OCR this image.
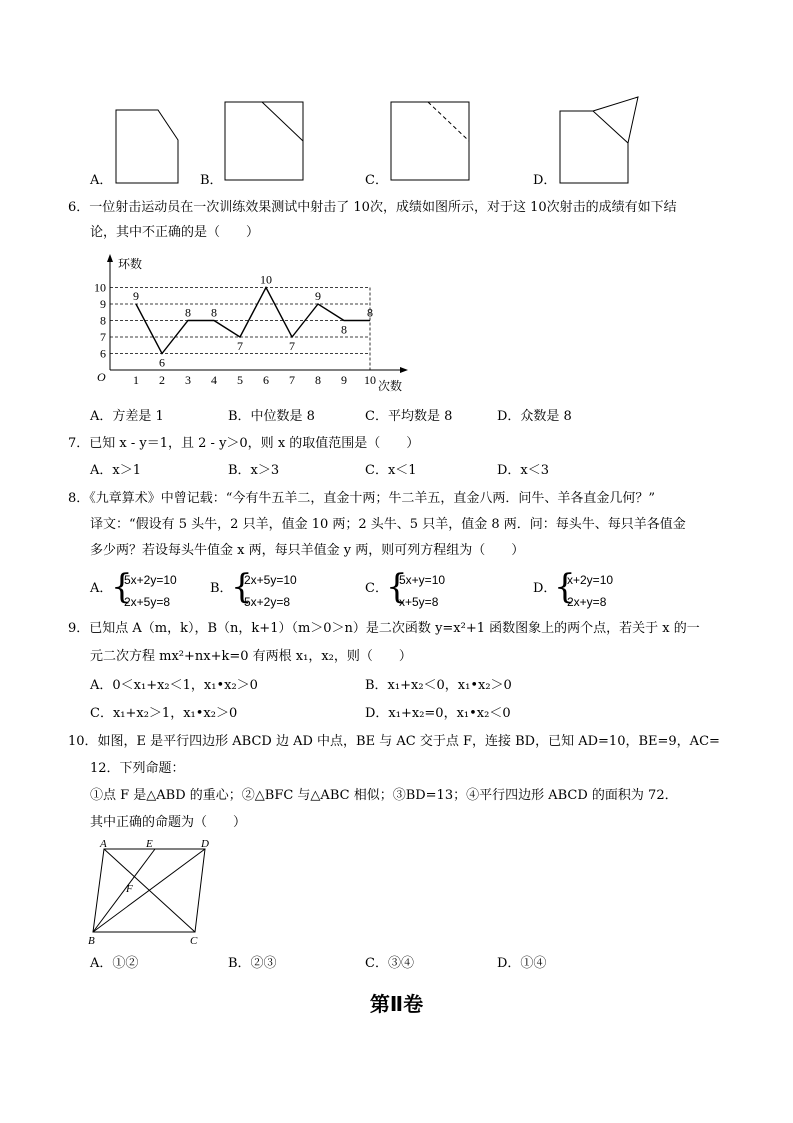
A．	B．	C．	D．
6．一位射击运动员在一次训练效果测试中射击了 10次，成绩如图所示，对于这 10次射击的成绩有如下结
论，其中不正确的是（　　）
环数
次数
O
6
7
8
9
10
1 2 3 4 5 6 7 8 9 10
9
6
8 8
7
10
7
9
8
8
A．方差是 1	B．中位数是 8	C．平均数是 8	D．众数是 8
7．已知 x - y＝1，且 2 - y＞0，则 x 的取值范围是（　　）
A．x＞1	B．x＞3	C．x＜1	D．x＜3
8．《九章算术》中曾记载：“今有牛五羊二，直金十两；牛二羊五，直金八两．问牛、羊各直金几何？”
译文：“假设有 5 头牛，2 只羊，值金 10 两；2 头牛、5 只羊，值金 8 两．问：每头牛、每只羊各值金
多少两？若设每头牛值金 x 两，每只羊值金 y 两，则可列方程组为（　　）
A．
{
5x+2y=10
2x+5y=8
B．
{
2x+5y=10
5x+2y=8
C．
{
5x+y=10
x+5y=8
D．
{
x+2y=10
2x+y=8
9．已知点 A（m，k），B（n，k+1）（m＞0＞n）是二次函数 y=x²+1 函数图象上的两个点，若关于 x 的一
元二次方程 mx²+nx+k=0 有两根 x₁，x₂，则（　　）
A．0＜x₁+x₂＜1，x₁•x₂＞0	B．x₁+x₂＜0，x₁•x₂＞0
C．x₁+x₂＞1，x₁•x₂＞0	D．x₁+x₂=0，x₁•x₂＜0
10．如图，E 是平行四边形 ABCD 边 AD 中点，BE 与 AC 交于点 F，连接 BD，已知 AD=10，BE=9，AC=
12．下列命题：
①点 F 是△ABD 的重心；②△BFC 与△ABC 相似；③BD=13；④平行四边形 ABCD 的面积为 72．
其中正确的命题为（　　）
A	E	D
F
B	C
A．①②	B．②③	C．③④	D．①④
第Ⅱ卷
